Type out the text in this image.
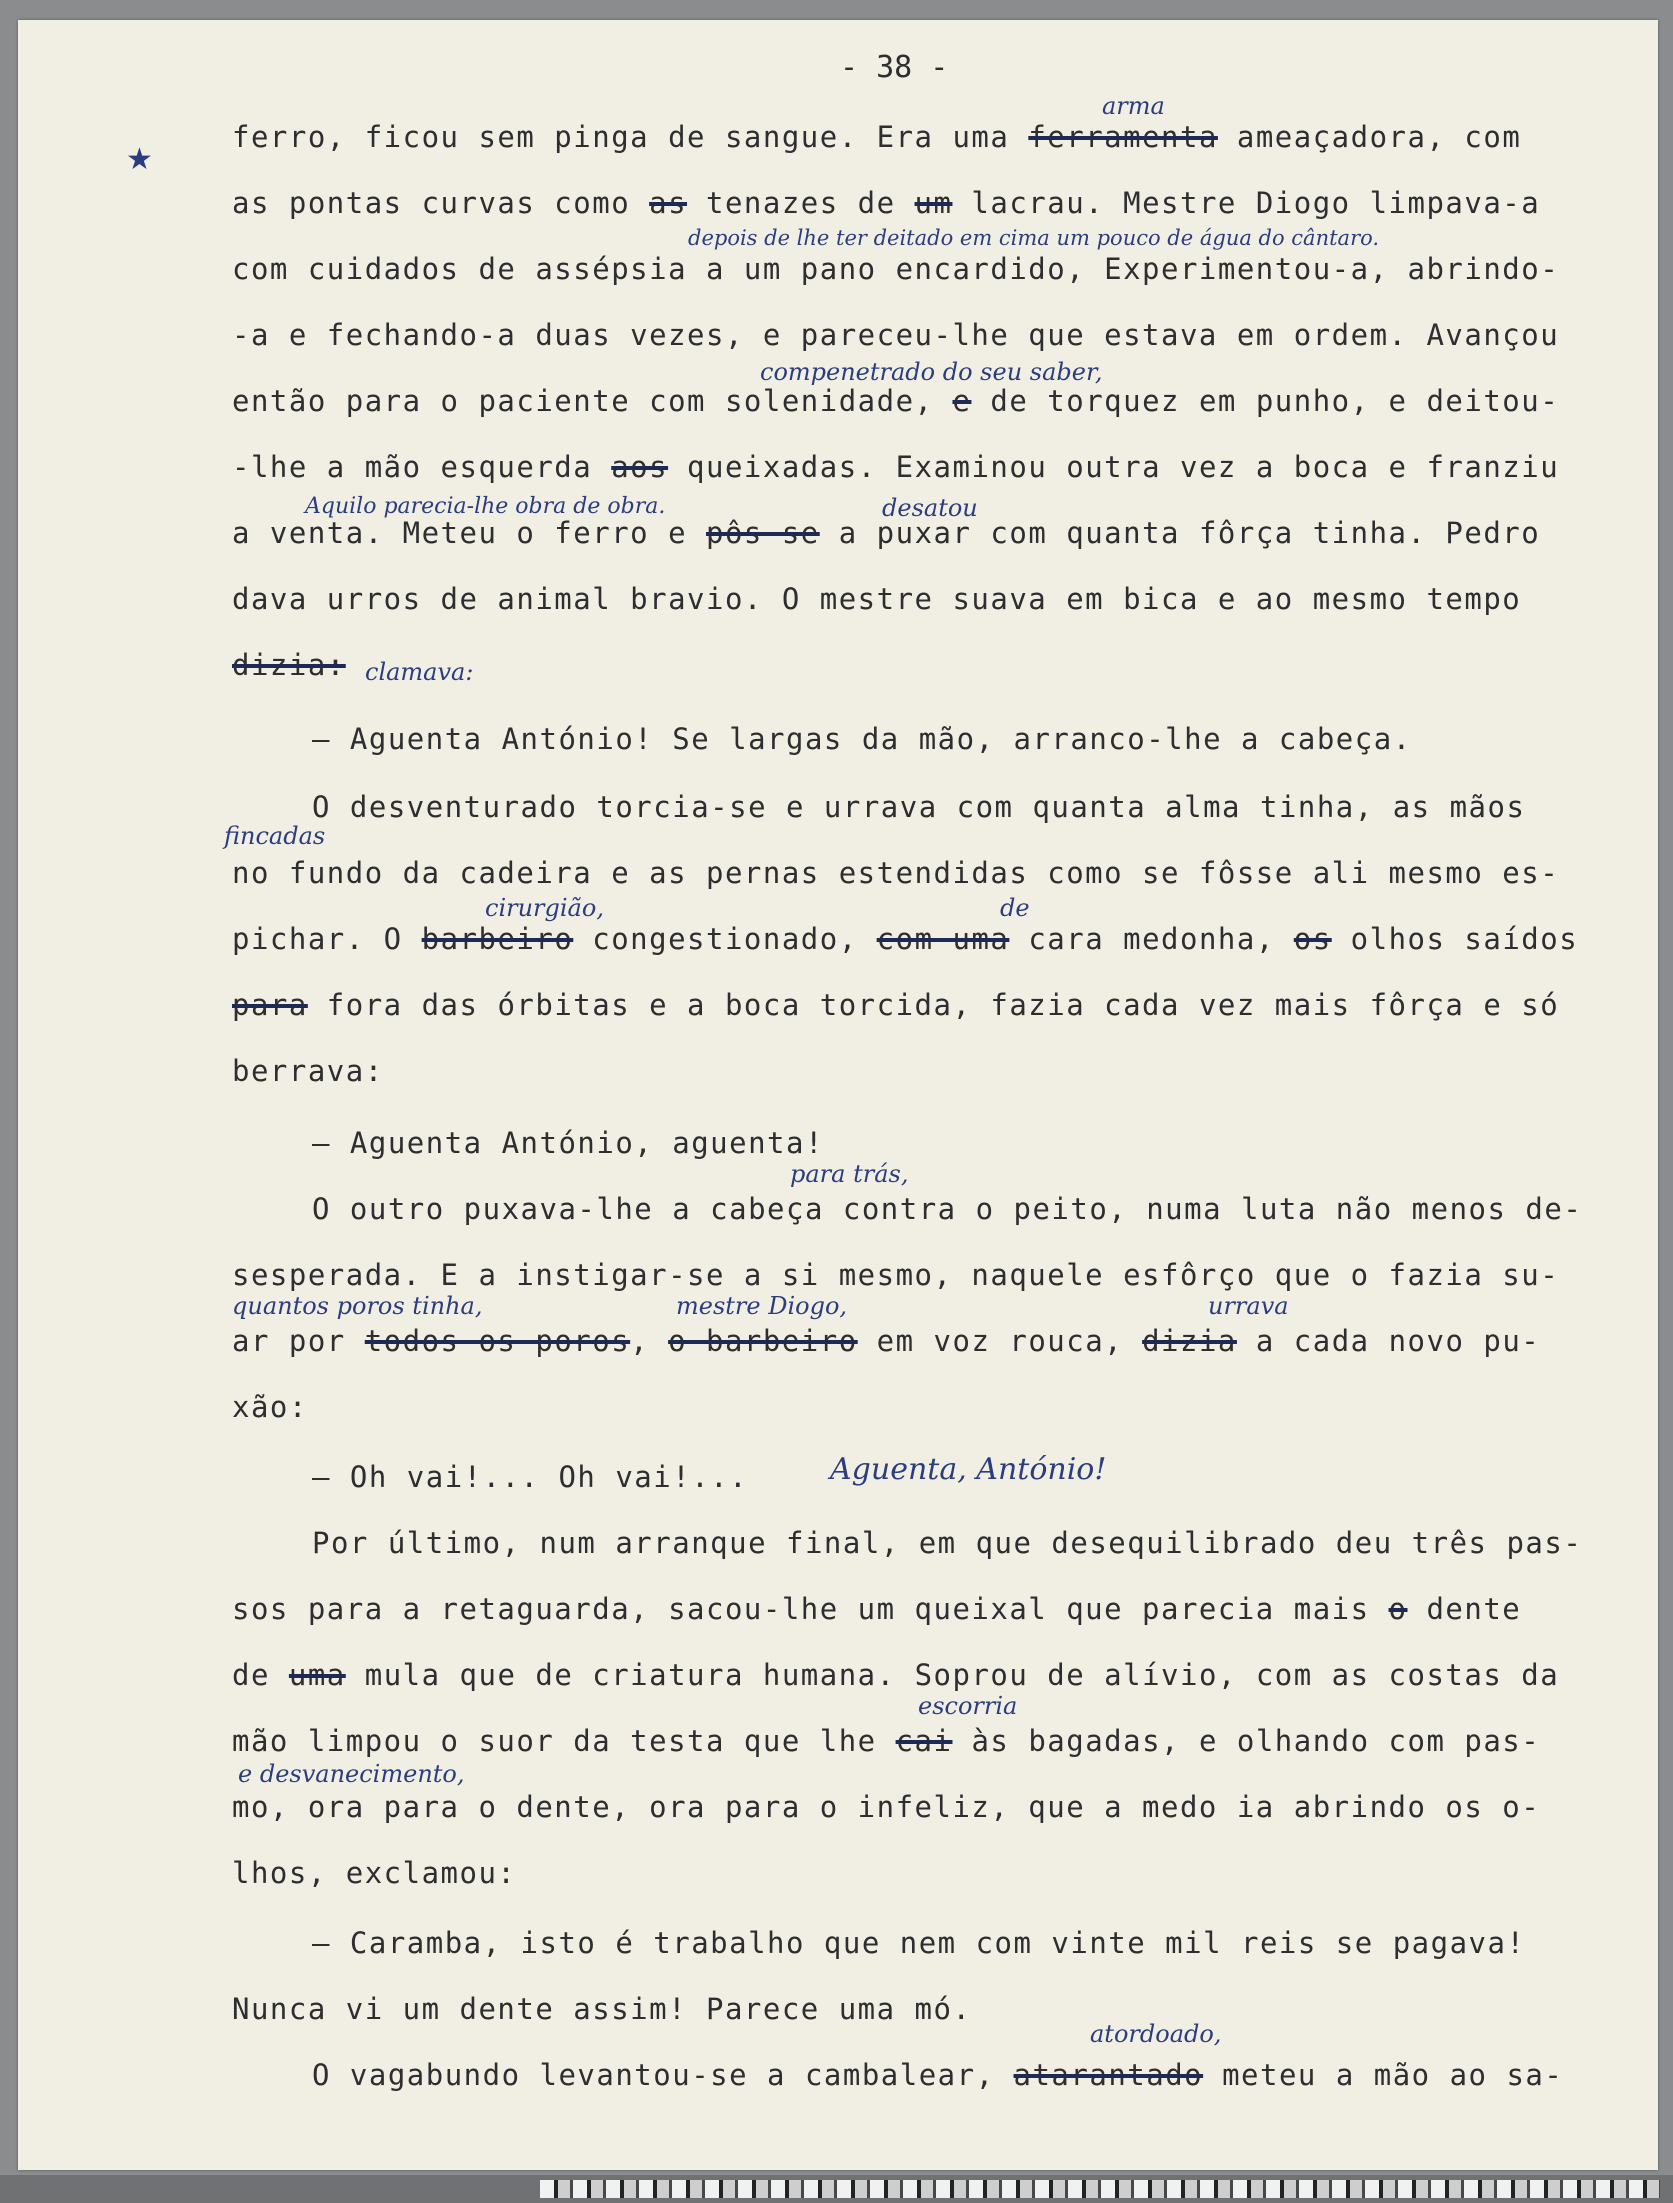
- 38 -
★
arma
depois de lhe ter deitado em cima um pouco de água do cântaro.
compenetrado do seu saber,
Aquilo parecia-lhe obra de obra.	desatou
clamava:
fincadas
cirurgião,	de
para trás,
quantos poros tinha,	mestre Diogo,	urrava
Aguenta, António!
escorria
e desvanecimento,
atordoado,
ferro, ficou sem pinga de sangue. Era uma ferramenta ameaçadora, com
as pontas curvas como as tenazes de um lacrau. Mestre Diogo limpava-a
com cuidados de assépsia a um pano encardido, Experimentou-a, abrindo-
-a e fechando-a duas vezes, e pareceu-lhe que estava em ordem. Avançou
então para o paciente com solenidade, e de torquez em punho, e deitou-
-lhe a mão esquerda aos queixadas. Examinou outra vez a boca e franziu
a venta. Meteu o ferro e pôs-se a puxar com quanta fôrça tinha. Pedro
dava urros de animal bravio. O mestre suava em bica e ao mesmo tempo
dizia:
— Aguenta António! Se largas da mão, arranco-lhe a cabeça.
O desventurado torcia-se e urrava com quanta alma tinha, as mãos
no fundo da cadeira e as pernas estendidas como se fôsse ali mesmo es-
pichar. O barbeiro congestionado, com uma cara medonha, os olhos saídos
para fora das órbitas e a boca torcida, fazia cada vez mais fôrça e só
berrava:
— Aguenta António, aguenta!
O outro puxava-lhe a cabeça contra o peito, numa luta não menos de-
sesperada. E a instigar-se a si mesmo, naquele esfôrço que o fazia su-
ar por todos os poros, o barbeiro em voz rouca, dizia a cada novo pu-
xão:
— Oh vai!... Oh vai!...
Por último, num arranque final, em que desequilibrado deu três pas-
sos para a retaguarda, sacou-lhe um queixal que parecia mais o dente
de uma mula que de criatura humana. Soprou de alívio, com as costas da
mão limpou o suor da testa que lhe cai às bagadas, e olhando com pas-
mo, ora para o dente, ora para o infeliz, que a medo ia abrindo os o-
lhos, exclamou:
— Caramba, isto é trabalho que nem com vinte mil reis se pagava!
Nunca vi um dente assim! Parece uma mó.
O vagabundo levantou-se a cambalear, atarantado meteu a mão ao sa-
